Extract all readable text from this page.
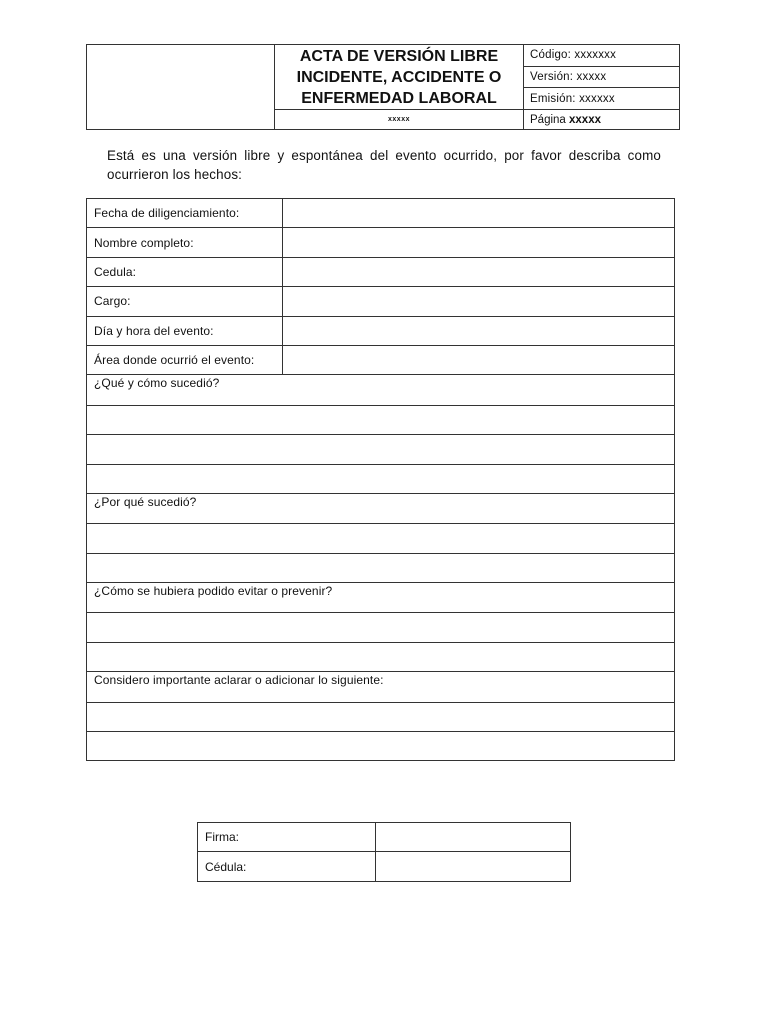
	ACTA DE VERSIÓN LIBRE
INCIDENTE, ACCIDENTE O
ENFERMEDAD LABORAL	Código: xxxxxxx
		Versión: xxxxx
		Emisión: xxxxxx
	xxxxx	Página xxxxx

Está es una versión libre y espontánea del evento ocurrido, por favor describa como ocurrieron los hechos:

Fecha de diligenciamiento:	
Nombre completo:	
Cedula:	
Cargo:	
Día y hora del evento:	
Área donde ocurrió el evento:	
¿Qué y cómo sucedió?	

¿Por qué sucedió?	

¿Cómo se hubiera podido evitar o prevenir?	

Considero importante aclarar o adicionar lo siguiente:	

Firma:	
Cédula:	
